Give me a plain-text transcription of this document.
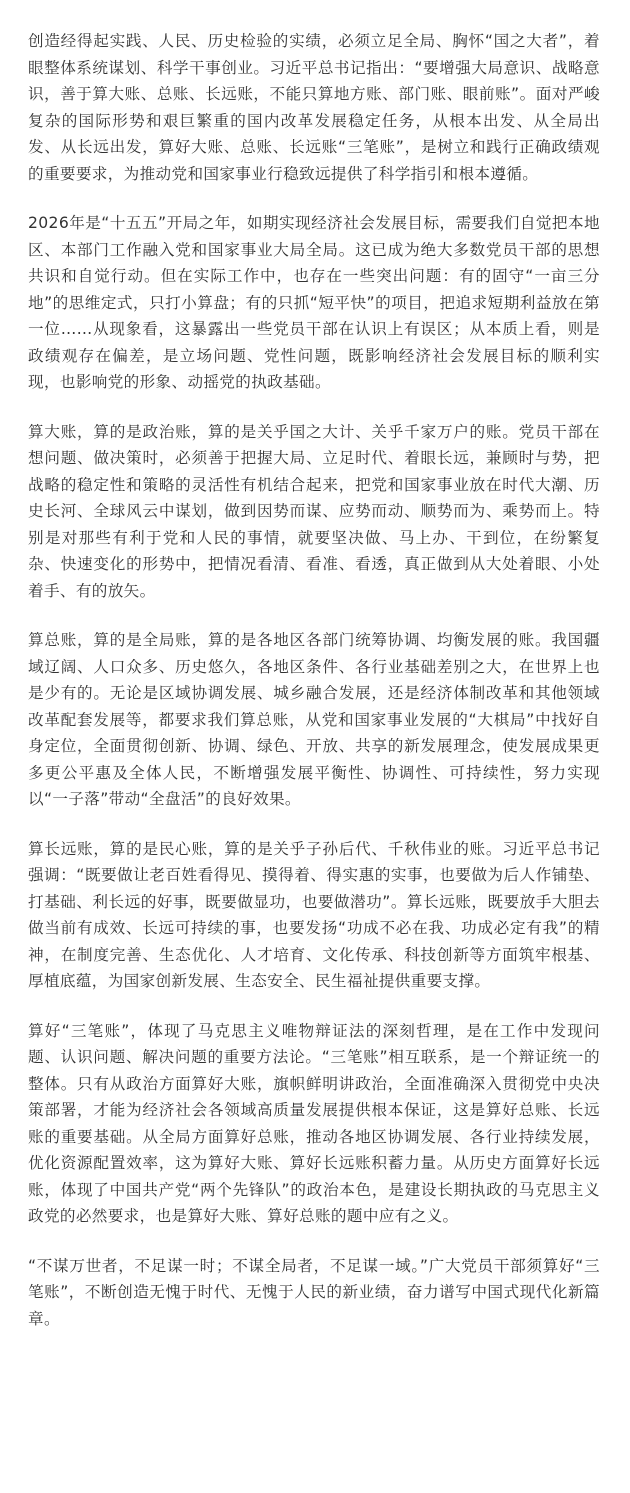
创造经得起实践、人民、历史检验的实绩，必须立足全局、胸怀“国之大者”，着眼整体系统谋划、科学干事创业。习近平总书记指出：“要增强大局意识、战略意识，善于算大账、总账、长远账，不能只算地方账、部门账、眼前账”。面对严峻复杂的国际形势和艰巨繁重的国内改革发展稳定任务，从根本出发、从全局出发、从长远出发，算好大账、总账、长远账“三笔账”，是树立和践行正确政绩观的重要要求，为推动党和国家事业行稳致远提供了科学指引和根本遵循。

2026年是“十五五”开局之年，如期实现经济社会发展目标，需要我们自觉把本地区、本部门工作融入党和国家事业大局全局。这已成为绝大多数党员干部的思想共识和自觉行动。但在实际工作中，也存在一些突出问题：有的固守“一亩三分地”的思维定式，只打小算盘；有的只抓“短平快”的项目，把追求短期利益放在第一位……从现象看，这暴露出一些党员干部在认识上有误区；从本质上看，则是政绩观存在偏差，是立场问题、党性问题，既影响经济社会发展目标的顺利实现，也影响党的形象、动摇党的执政基础。

算大账，算的是政治账，算的是关乎国之大计、关乎千家万户的账。党员干部在想问题、做决策时，必须善于把握大局、立足时代、着眼长远，兼顾时与势，把战略的稳定性和策略的灵活性有机结合起来，把党和国家事业放在时代大潮、历史长河、全球风云中谋划，做到因势而谋、应势而动、顺势而为、乘势而上。特别是对那些有利于党和人民的事情，就要坚决做、马上办、干到位，在纷繁复杂、快速变化的形势中，把情况看清、看准、看透，真正做到从大处着眼、小处着手、有的放矢。

算总账，算的是全局账，算的是各地区各部门统筹协调、均衡发展的账。我国疆域辽阔、人口众多、历史悠久，各地区条件、各行业基础差别之大，在世界上也是少有的。无论是区域协调发展、城乡融合发展，还是经济体制改革和其他领域改革配套发展等，都要求我们算总账，从党和国家事业发展的“大棋局”中找好自身定位，全面贯彻创新、协调、绿色、开放、共享的新发展理念，使发展成果更多更公平惠及全体人民，不断增强发展平衡性、协调性、可持续性，努力实现以“一子落”带动“全盘活”的良好效果。

算长远账，算的是民心账，算的是关乎子孙后代、千秋伟业的账。习近平总书记强调：“既要做让老百姓看得见、摸得着、得实惠的实事，也要做为后人作铺垫、打基础、利长远的好事，既要做显功，也要做潜功”。算长远账，既要放手大胆去做当前有成效、长远可持续的事，也要发扬“功成不必在我、功成必定有我”的精神，在制度完善、生态优化、人才培育、文化传承、科技创新等方面筑牢根基、厚植底蕴，为国家创新发展、生态安全、民生福祉提供重要支撑。

算好“三笔账”，体现了马克思主义唯物辩证法的深刻哲理，是在工作中发现问题、认识问题、解决问题的重要方法论。“三笔账”相互联系，是一个辩证统一的整体。只有从政治方面算好大账，旗帜鲜明讲政治，全面准确深入贯彻党中央决策部署，才能为经济社会各领域高质量发展提供根本保证，这是算好总账、长远账的重要基础。从全局方面算好总账，推动各地区协调发展、各行业持续发展，优化资源配置效率，这为算好大账、算好长远账积蓄力量。从历史方面算好长远账，体现了中国共产党“两个先锋队”的政治本色，是建设长期执政的马克思主义政党的必然要求，也是算好大账、算好总账的题中应有之义。

“不谋万世者，不足谋一时；不谋全局者，不足谋一域。”广大党员干部须算好“三笔账”，不断创造无愧于时代、无愧于人民的新业绩，奋力谱写中国式现代化新篇章。
